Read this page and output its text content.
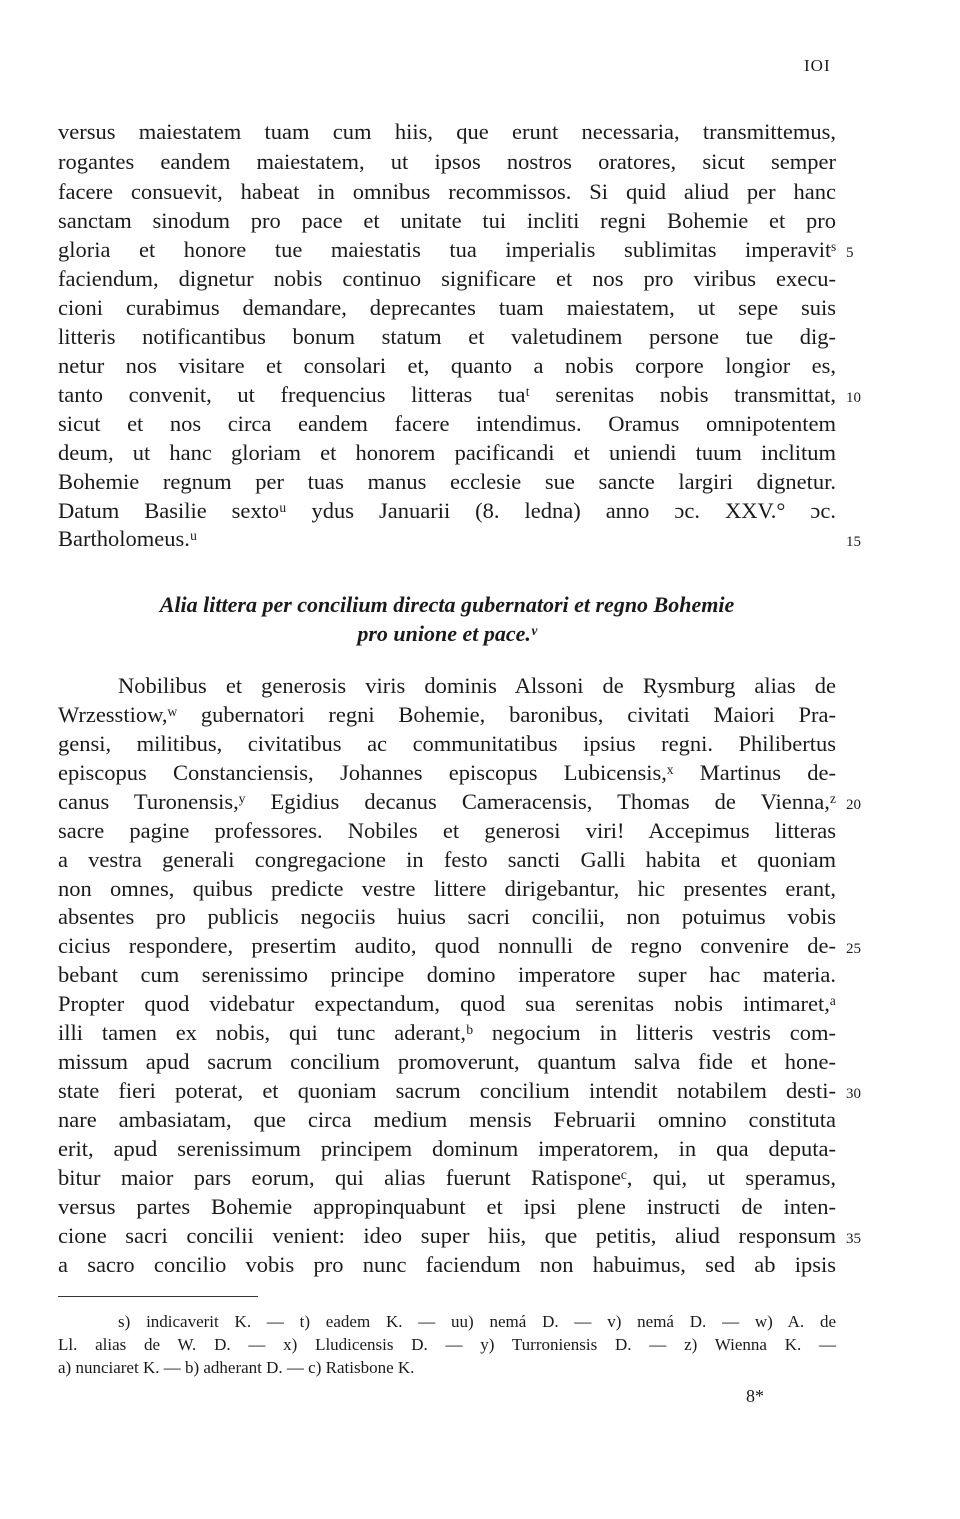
IOI
versus maiestatem tuam cum hiis, que erunt necessaria, transmittemus,
rogantes eandem maiestatem, ut ipsos nostros oratores, sicut semper
facere consuevit, habeat in omnibus recommissos. Si quid aliud per hanc
sanctam sinodum pro pace et unitate tui incliti regni Bohemie et pro
gloria et honore tue maiestatis tua imperialis sublimitas imperavitˢ
faciendum, dignetur nobis continuo significare et nos pro viribus execu-
cioni curabimus demandare, deprecantes tuam maiestatem, ut sepe suis
litteris notificantibus bonum statum et valetudinem persone tue dig-
netur nos visitare et consolari et, quanto a nobis corpore longior es,
tanto convenit, ut frequencius litteras tuaᵗ serenitas nobis transmittat,
sicut et nos circa eandem facere intendimus. Oramus omnipotentem
deum, ut hanc gloriam et honorem pacificandi et uniendi tuum inclitum
Bohemie regnum per tuas manus ecclesie sue sancte largiri dignetur.
Datum Basilie sextoᵘ ydus Januarii (8. ledna) anno ɔc. XXV.° ɔc.
Bartholomeus.ᵘ
Alia littera per concilium directa gubernatori et regno Bohemie
pro unione et pace.ᵛ
Nobilibus et generosis viris dominis Alssoni de Rysmburg alias de
Wrzesstiow,ʷ gubernatori regni Bohemie, baronibus, civitati Maiori Pra-
gensi, militibus, civitatibus ac communitatibus ipsius regni. Philibertus
episcopus Constanciensis, Johannes episcopus Lubicensis,ˣ Martinus de-
canus Turonensis,ʸ Egidius decanus Cameracensis, Thomas de Vienna,ᶻ
sacre pagine professores. Nobiles et generosi viri! Accepimus litteras
a vestra generali congregacione in festo sancti Galli habita et quoniam
non omnes, quibus predicte vestre littere dirigebantur, hic presentes erant,
absentes pro publicis negociis huius sacri concilii, non potuimus vobis
cicius respondere, presertim audito, quod nonnulli de regno convenire de-
bebant cum serenissimo principe domino imperatore super hac materia.
Propter quod videbatur expectandum, quod sua serenitas nobis intimaret,ᵃ
illi tamen ex nobis, qui tunc aderant,ᵇ negocium in litteris vestris com-
missum apud sacrum concilium promoverunt, quantum salva fide et hone-
state fieri poterat, et quoniam sacrum concilium intendit notabilem desti-
nare ambasiatam, que circa medium mensis Februarii omnino constituta
erit, apud serenissimum principem dominum imperatorem, in qua deputa-
bitur maior pars eorum, qui alias fuerunt Ratisponeᶜ, qui, ut speramus,
versus partes Bohemie appropinquabunt et ipsi plene instructi de inten-
cione sacri concilii venient: ideo super hiis, que petitis, aliud responsum
a sacro concilio vobis pro nunc faciendum non habuimus, sed ab ipsis
5
10
15
20
25
30
35
s) indicaverit K. — t) eadem K. — uu) nemá D. — v) nemá D. — w) A. de
Ll. alias de W. D. — x) Lludicensis D. — y) Turroniensis D. — z) Wienna K. —
a) nunciaret K. — b) adherant D. — c) Ratisbone K.
8*
